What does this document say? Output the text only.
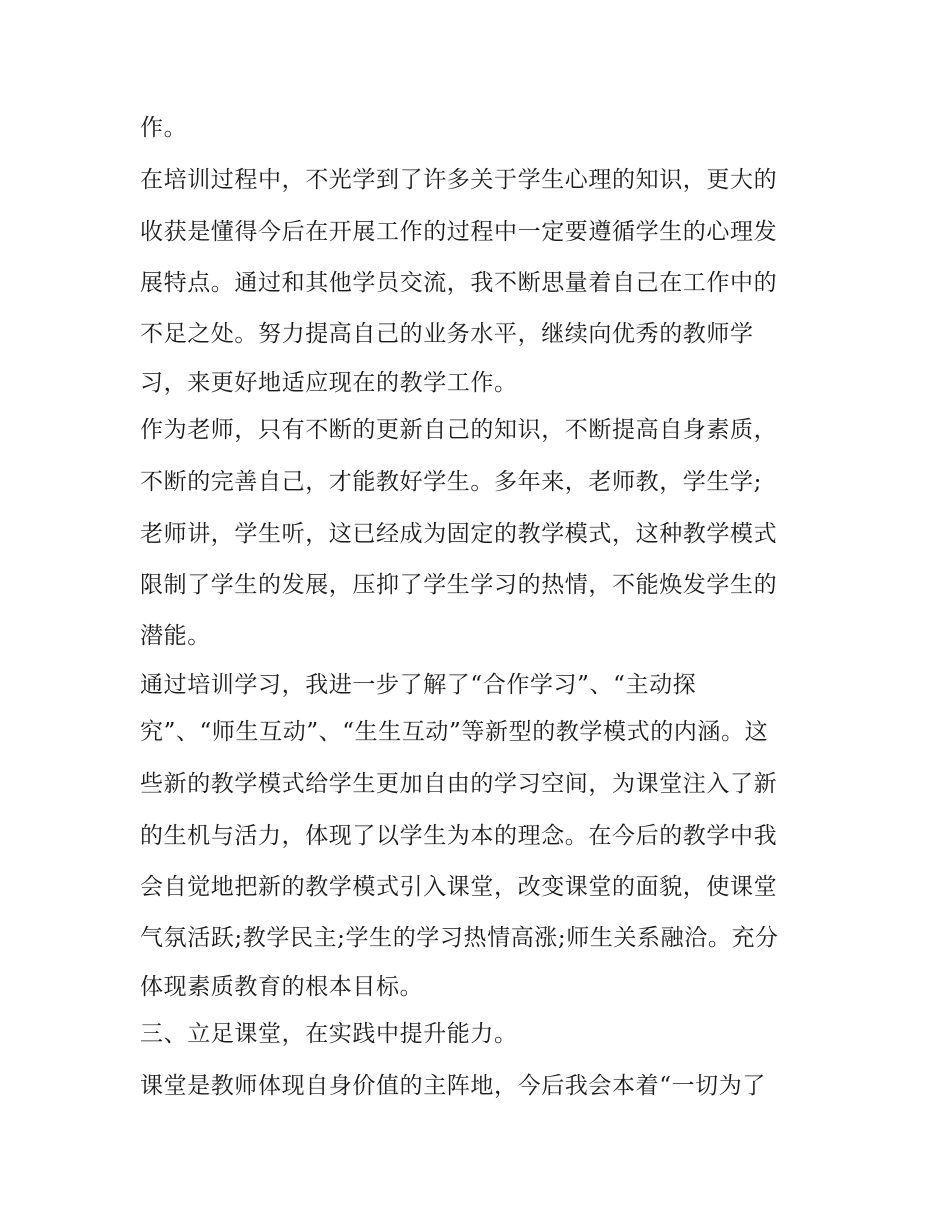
作。
在培训过程中，不光学到了许多关于学生心理的知识，更大的
收获是懂得今后在开展工作的过程中一定要遵循学生的心理发
展特点。通过和其他学员交流，我不断思量着自己在工作中的
不足之处。努力提高自己的业务水平，继续向优秀的教师学
习，来更好地适应现在的教学工作。
作为老师，只有不断的更新自己的知识，不断提高自身素质，
不断的完善自己，才能教好学生。多年来，老师教，学生学;
老师讲，学生听，这已经成为固定的教学模式，这种教学模式
限制了学生的发展，压抑了学生学习的热情，不能焕发学生的
潜能。
通过培训学习，我进一步了解了“合作学习”、“主动探
究”、“师生互动”、“生生互动”等新型的教学模式的内涵。这
些新的教学模式给学生更加自由的学习空间，为课堂注入了新
的生机与活力，体现了以学生为本的理念。在今后的教学中我
会自觉地把新的教学模式引入课堂，改变课堂的面貌，使课堂
气氛活跃;教学民主;学生的学习热情高涨;师生关系融洽。充分
体现素质教育的根本目标。
三、立足课堂，在实践中提升能力。
课堂是教师体现自身价值的主阵地，今后我会本着“一切为了
